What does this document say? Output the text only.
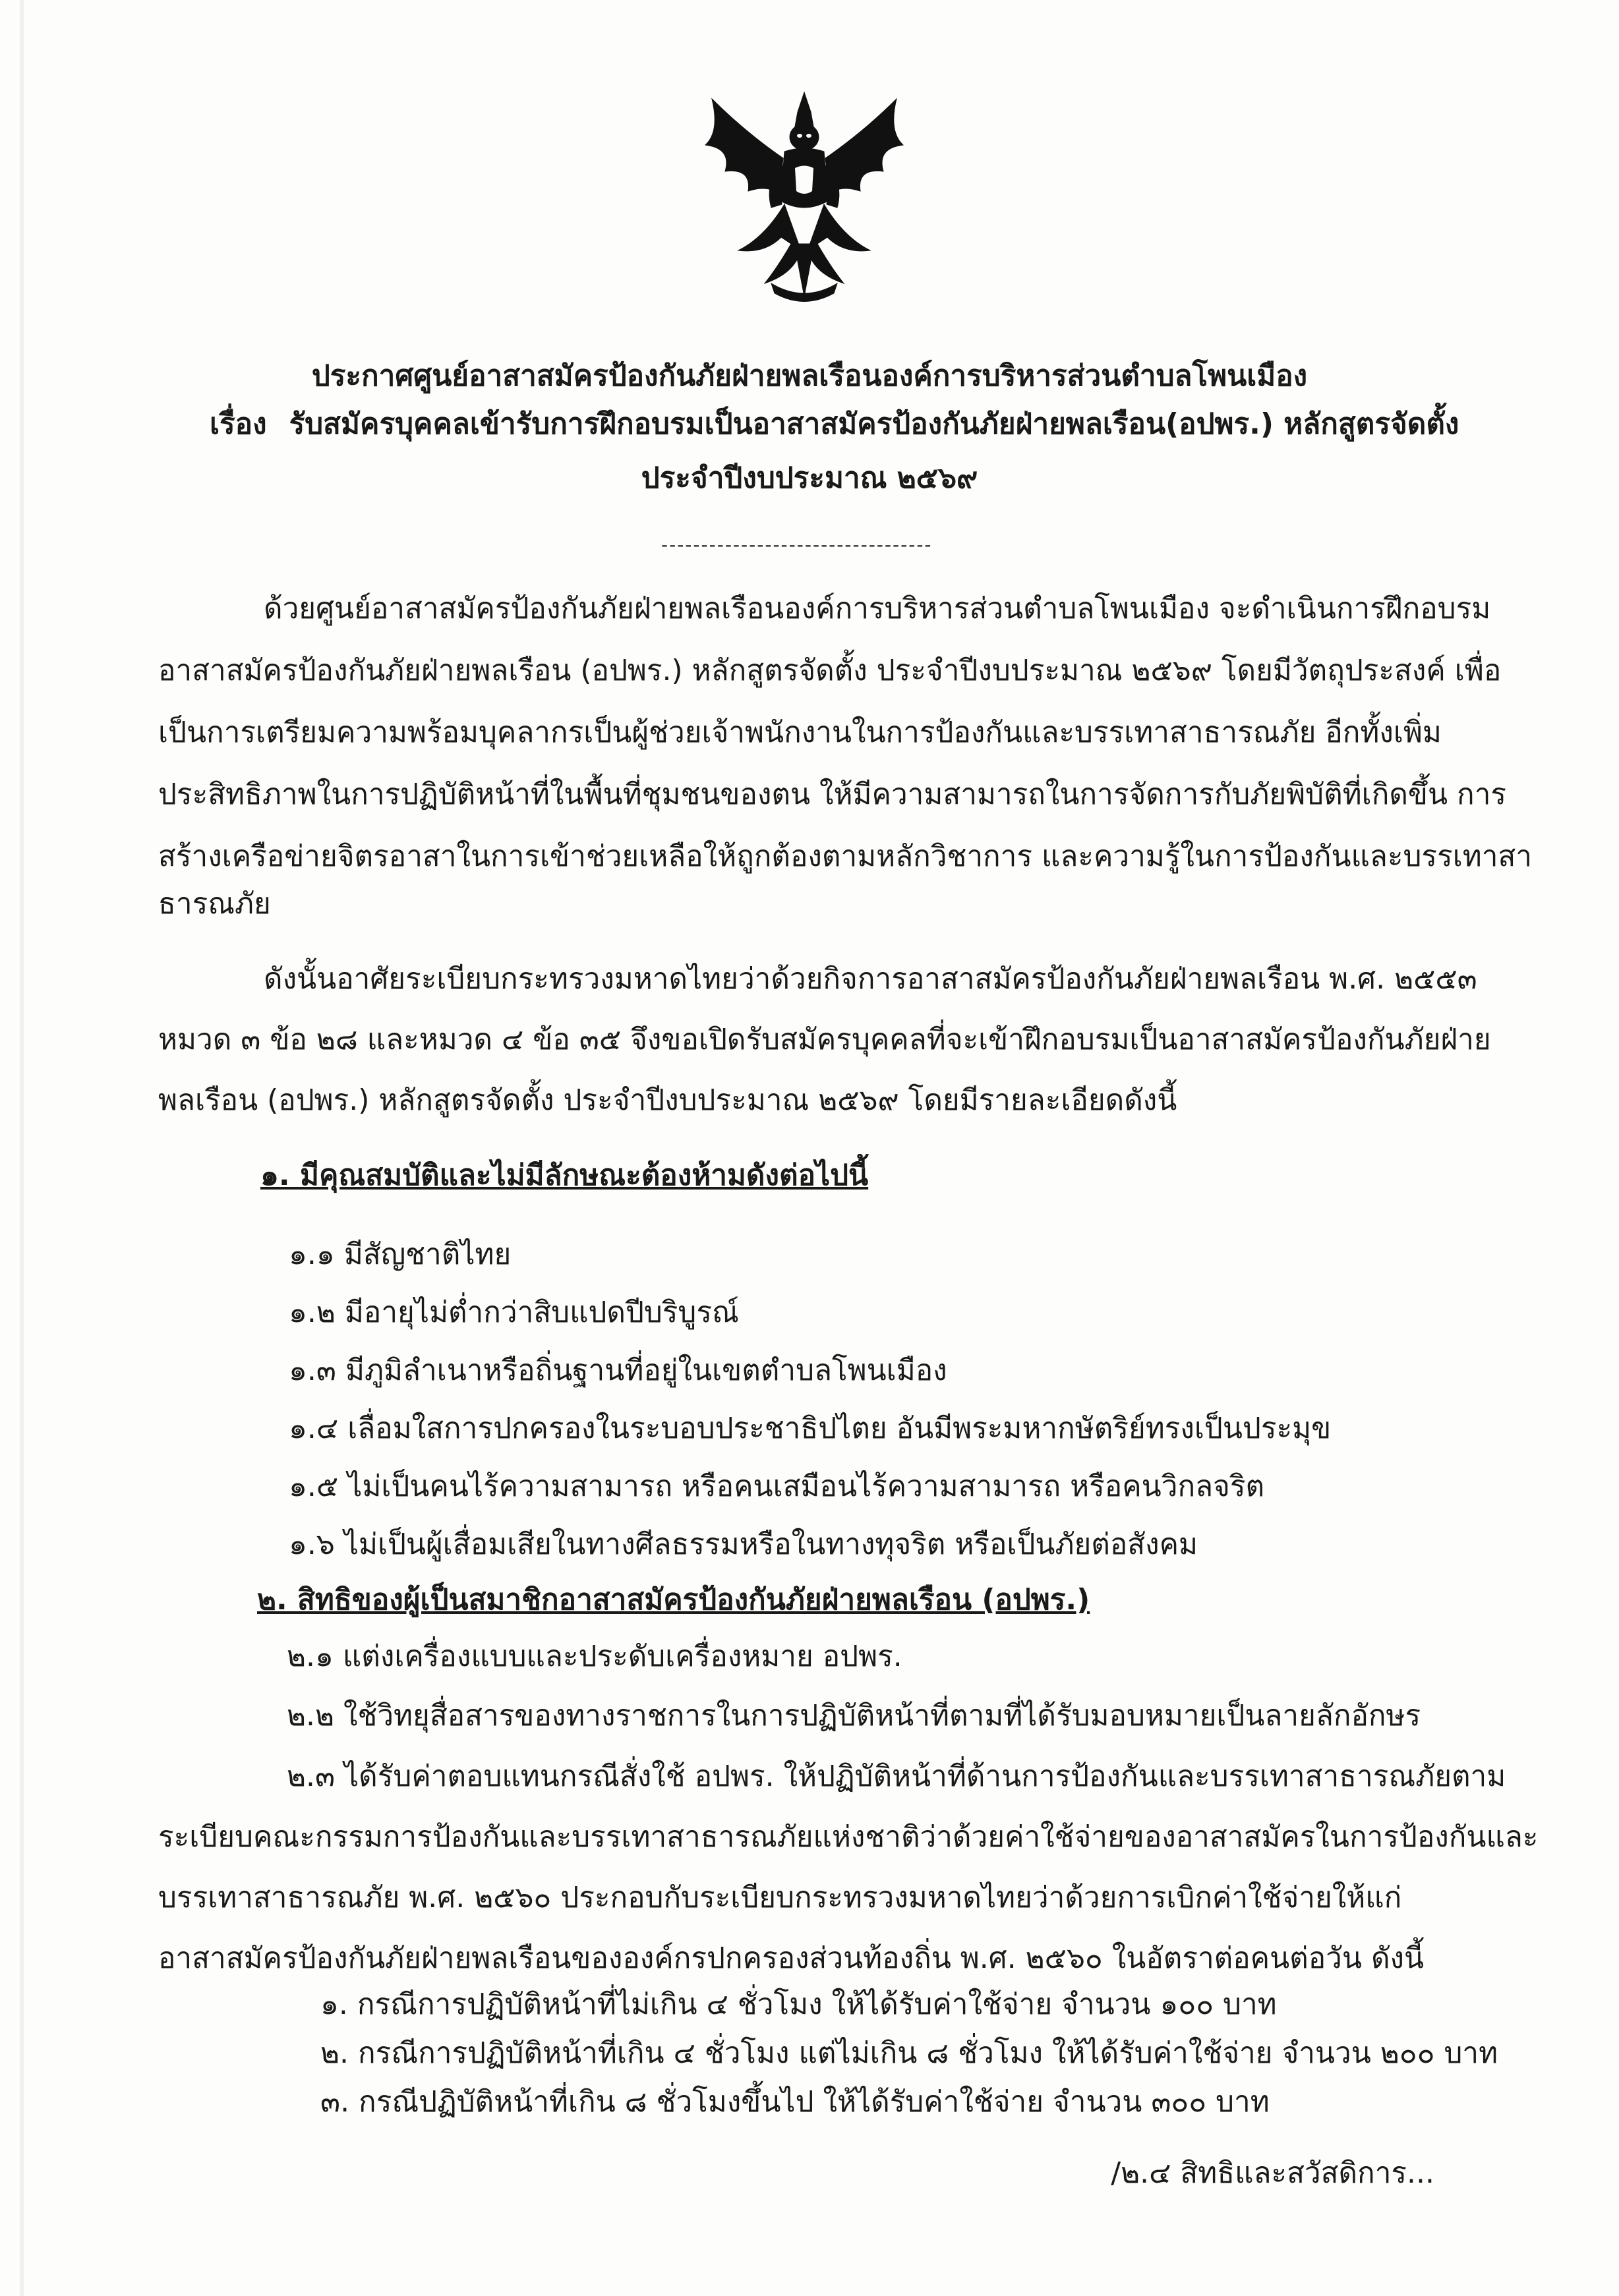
ประกาศศูนย์อาสาสมัครป้องกันภัยฝ่ายพลเรือนองค์การบริหารส่วนตำบลโพนเมือง
เรื่อง รับสมัครบุคคลเข้ารับการฝึกอบรมเป็นอาสาสมัครป้องกันภัยฝ่ายพลเรือน(อปพร.) หลักสูตรจัดตั้ง
ประจำปีงบประมาณ ๒๕๖๙
----------------------------------
ด้วยศูนย์อาสาสมัครป้องกันภัยฝ่ายพลเรือนองค์การบริหารส่วนตำบลโพนเมือง จะดำเนินการฝึกอบรม
อาสาสมัครป้องกันภัยฝ่ายพลเรือน (อปพร.) หลักสูตรจัดตั้ง ประจำปีงบประมาณ ๒๕๖๙ โดยมีวัตถุประสงค์ เพื่อ
เป็นการเตรียมความพร้อมบุคลากรเป็นผู้ช่วยเจ้าพนักงานในการป้องกันและบรรเทาสาธารณภัย อีกทั้งเพิ่ม
ประสิทธิภาพในการปฏิบัติหน้าที่ในพื้นที่ชุมชนของตน ให้มีความสามารถในการจัดการกับภัยพิบัติที่เกิดขึ้น การ
สร้างเครือข่ายจิตรอาสาในการเข้าช่วยเหลือให้ถูกต้องตามหลักวิชาการ และความรู้ในการป้องกันและบรรเทาสา
ธารณภัย
ดังนั้นอาศัยระเบียบกระทรวงมหาดไทยว่าด้วยกิจการอาสาสมัครป้องกันภัยฝ่ายพลเรือน พ.ศ. ๒๕๕๓
หมวด ๓ ข้อ ๒๘ และหมวด ๔ ข้อ ๓๕ จึงขอเปิดรับสมัครบุคคลที่จะเข้าฝึกอบรมเป็นอาสาสมัครป้องกันภัยฝ่าย
พลเรือน (อปพร.) หลักสูตรจัดตั้ง ประจำปีงบประมาณ ๒๕๖๙ โดยมีรายละเอียดดังนี้
๑. มีคุณสมบัติและไม่มีลักษณะต้องห้ามดังต่อไปนี้
๑.๑ มีสัญชาติไทย
๑.๒ มีอายุไม่ต่ำกว่าสิบแปดปีบริบูรณ์
๑.๓ มีภูมิลำเนาหรือถิ่นฐานที่อยู่ในเขตตำบลโพนเมือง
๑.๔ เลื่อมใสการปกครองในระบอบประชาธิปไตย อันมีพระมหากษัตริย์ทรงเป็นประมุข
๑.๕ ไม่เป็นคนไร้ความสามารถ หรือคนเสมือนไร้ความสามารถ หรือคนวิกลจริต
๑.๖ ไม่เป็นผู้เสื่อมเสียในทางศีลธรรมหรือในทางทุจริต หรือเป็นภัยต่อสังคม
๒. สิทธิของผู้เป็นสมาชิกอาสาสมัครป้องกันภัยฝ่ายพลเรือน (อปพร.)
๒.๑ แต่งเครื่องแบบและประดับเครื่องหมาย อปพร.
๒.๒ ใช้วิทยุสื่อสารของทางราชการในการปฏิบัติหน้าที่ตามที่ได้รับมอบหมายเป็นลายลักอักษร
๒.๓ ได้รับค่าตอบแทนกรณีสั่งใช้ อปพร. ให้ปฏิบัติหน้าที่ด้านการป้องกันและบรรเทาสาธารณภัยตาม
ระเบียบคณะกรรมการป้องกันและบรรเทาสาธารณภัยแห่งชาติว่าด้วยค่าใช้จ่ายของอาสาสมัครในการป้องกันและ
บรรเทาสาธารณภัย พ.ศ. ๒๕๖๐ ประกอบกับระเบียบกระทรวงมหาดไทยว่าด้วยการเบิกค่าใช้จ่ายให้แก่
อาสาสมัครป้องกันภัยฝ่ายพลเรือนขององค์กรปกครองส่วนท้องถิ่น พ.ศ. ๒๕๖๐ ในอัตราต่อคนต่อวัน ดังนี้
๑. กรณีการปฏิบัติหน้าที่ไม่เกิน ๔ ชั่วโมง ให้ได้รับค่าใช้จ่าย จำนวน ๑๐๐ บาท
๒. กรณีการปฏิบัติหน้าที่เกิน ๔ ชั่วโมง แต่ไม่เกิน ๘ ชั่วโมง ให้ได้รับค่าใช้จ่าย จำนวน ๒๐๐ บาท
๓. กรณีปฏิบัติหน้าที่เกิน ๘ ชั่วโมงขึ้นไป ให้ได้รับค่าใช้จ่าย จำนวน ๓๐๐ บาท
/๒.๔ สิทธิและสวัสดิการ...
